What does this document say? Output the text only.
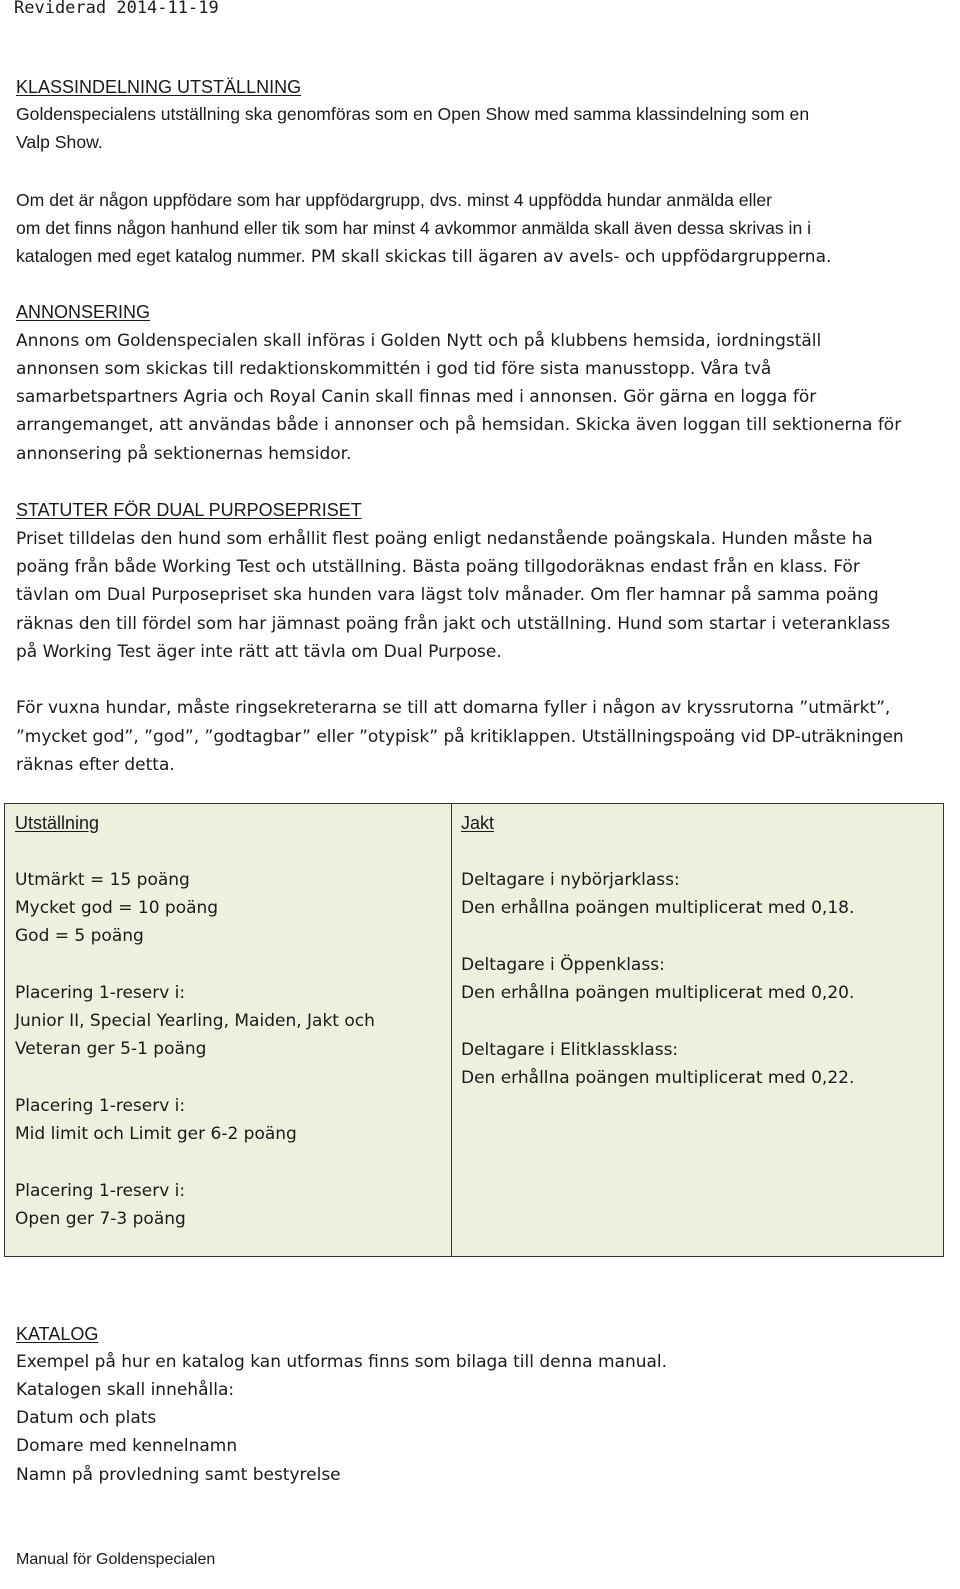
Reviderad 2014-11-19
KLASSINDELNING UTSTÄLLNING
Goldenspecialens utställning ska genomföras som en Open Show med samma klassindelning som en
Valp Show.
Om det är någon uppfödare som har uppfödargrupp, dvs. minst 4 uppfödda hundar anmälda eller
om det finns någon hanhund eller tik som har minst 4 avkommor anmälda skall även dessa skrivas in i
katalogen med eget katalog nummer. PM skall skickas till ägaren av avels- och uppfödargrupperna.
ANNONSERING
Annons om Goldenspecialen skall införas i Golden Nytt och på klubbens hemsida, iordningställ
annonsen som skickas till redaktionskommittén i god tid före sista manusstopp. Våra två
samarbetspartners Agria och Royal Canin skall finnas med i annonsen. Gör gärna en logga för
arrangemanget, att användas både i annonser och på hemsidan. Skicka även loggan till sektionerna för
annonsering på sektionernas hemsidor.
STATUTER FÖR DUAL PURPOSEPRISET
Priset tilldelas den hund som erhållit flest poäng enligt nedanstående poängskala. Hunden måste ha
poäng från både Working Test och utställning. Bästa poäng tillgodoräknas endast från en klass. För
tävlan om Dual Purposepriset ska hunden vara lägst tolv månader. Om fler hamnar på samma poäng
räknas den till fördel som har jämnast poäng från jakt och utställning. Hund som startar i veteranklass
på Working Test äger inte rätt att tävla om Dual Purpose.
För vuxna hundar, måste ringsekreterarna se till att domarna fyller i någon av kryssrutorna ”utmärkt”,
”mycket god”, ”god”, ”godtagbar” eller ”otypisk” på kritiklappen. Utställningspoäng vid DP-uträkningen
räknas efter detta.
Utställning
Utmärkt = 15 poäng
Mycket god = 10 poäng
God = 5 poäng
Placering 1-reserv i:
Junior II, Special Yearling, Maiden, Jakt och
Veteran ger 5-1 poäng
Placering 1-reserv i:
Mid limit och Limit ger 6-2 poäng
Placering 1-reserv i:
Open ger 7-3 poäng
Jakt
Deltagare i nybörjarklass:
Den erhållna poängen multiplicerat med 0,18.
Deltagare i Öppenklass:
Den erhållna poängen multiplicerat med 0,20.
Deltagare i Elitklassklass:
Den erhållna poängen multiplicerat med 0,22.
KATALOG
Exempel på hur en katalog kan utformas finns som bilaga till denna manual.
Katalogen skall innehålla:
Datum och plats
Domare med kennelnamn
Namn på provledning samt bestyrelse
Manual för Goldenspecialen
